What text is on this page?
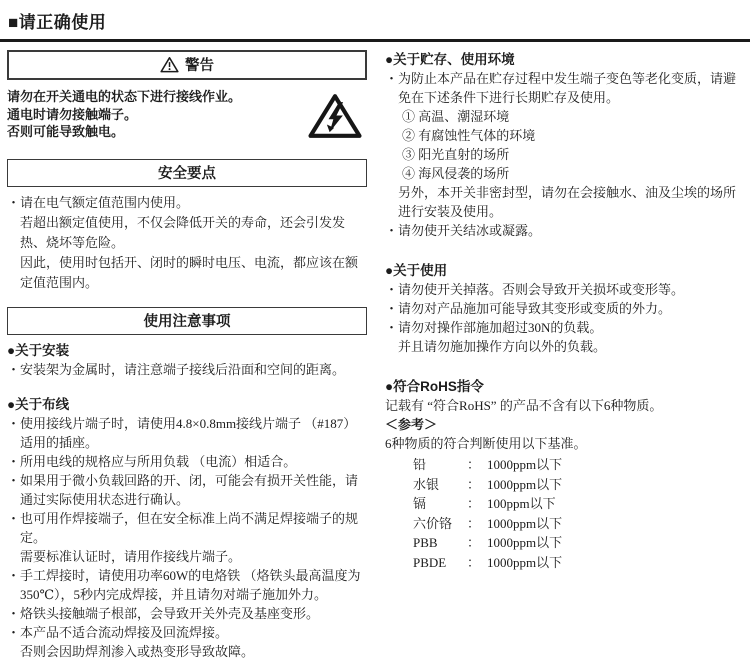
■请正确使用
警告

请勿在开关通电的状态下进行接线作业。

通电时请勿接触端子。

否则可能导致触电。

安全要点

・请在电气额定值范围内使用。

若超出额定值使用，不仅会降低开关的寿命，还会引发发热、烧坏等危险。

因此，使用时包括开、闭时的瞬时电压、电流，都应该在额定值范围内。

使用注意事项

●关于安装

・安装架为金属时，请注意端子接线后沿面和空间的距离。

●关于布线

・使用接线片端子时，请使用4.8×0.8mm接线片端子 （#187）适用的插座。

・所用电线的规格应与所用负载 （电流）相适合。

・如果用于微小负载回路的开、闭，可能会有损开关性能，请通过实际使用状态进行确认。

・也可用作焊接端子，但在安全标准上尚不满足焊接端子的规定。

需要标准认证时，请用作接线片端子。

・手工焊接时，请使用功率60W的电烙铁 （烙铁头最高温度为350℃），5秒内完成焊接，并且请勿对端子施加外力。

・烙铁头接触端子根部，会导致开关外壳及基座变形。

・本产品不适合流动焊接及回流焊接。

否则会因助焊剂渗入或热变形导致故障。

●关于贮存、使用环境

・为防止本产品在贮存过程中发生端子变色等老化变质，请避免在下述条件下进行长期贮存及使用。

① 高温、潮湿环境

② 有腐蚀性气体的环境

③ 阳光直射的场所

④ 海风侵袭的场所

另外，本开关非密封型，请勿在会接触水、油及尘埃的场所进行安装及使用。

・请勿使开关结冰或凝露。

●关于使用

・请勿使开关掉落。否则会导致开关损坏或变形等。

・请勿对产品施加可能导致其变形或变质的外力。

・请勿对操作部施加超过30N的负载。

并且请勿施加操作方向以外的负载。

●符合RoHS指令

记载有 “符合RoHS” 的产品不含有以下6种物质。

＜参考＞

6种物质的符合判断使用以下基准。

铅	： 1000ppm以下
水银	： 1000ppm以下
镉	： 100ppm以下
六价铬	： 1000ppm以下
PBB	： 1000ppm以下
PBDE	： 1000ppm以下
